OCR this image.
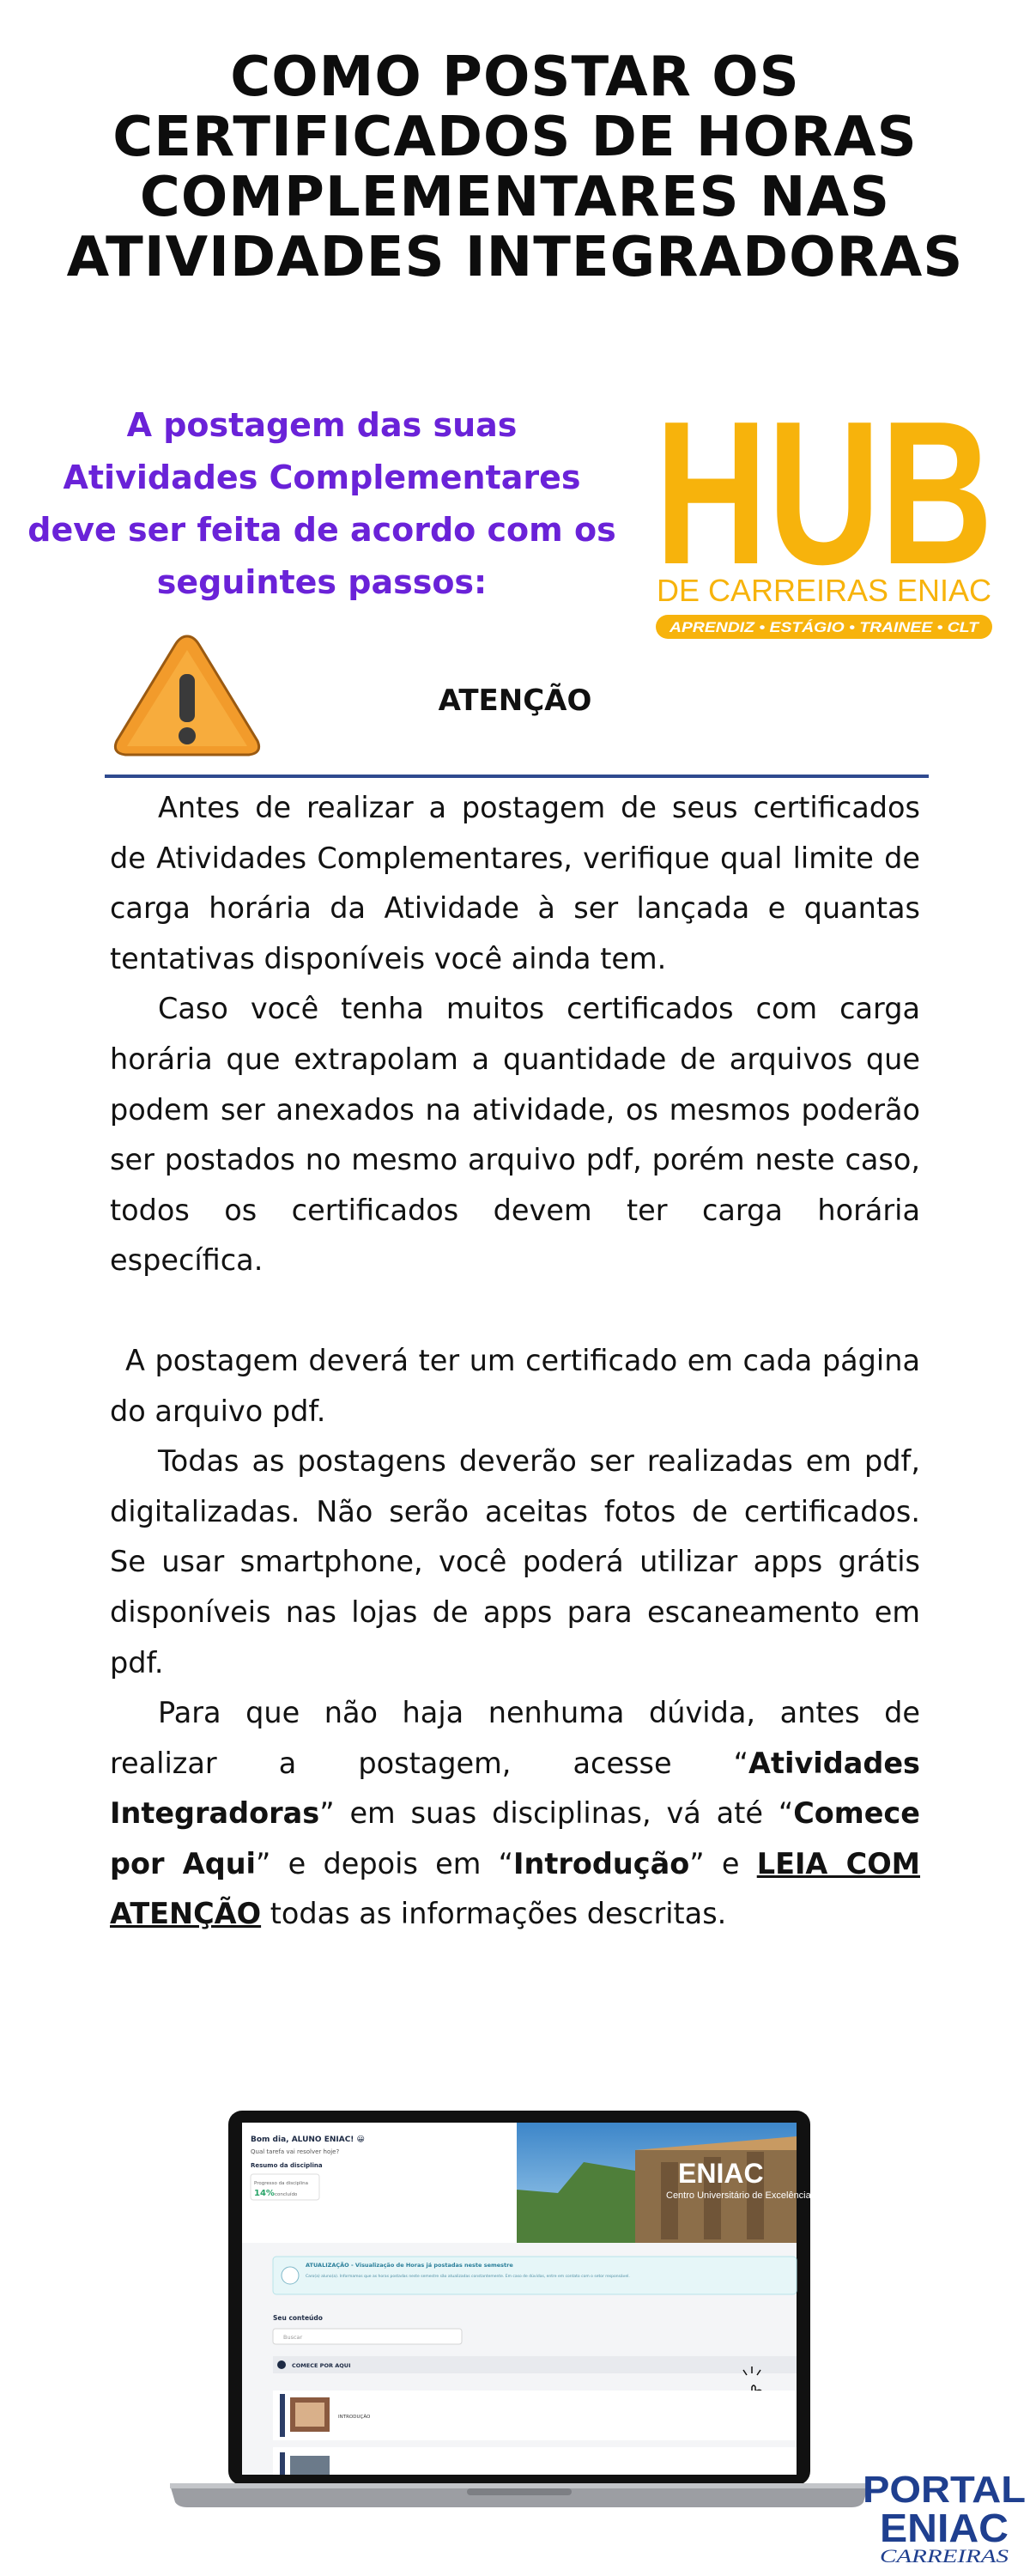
COMO POSTAR OS CERTIFICADOS DE HORAS COMPLEMENTARES NAS ATIVIDADES INTEGRADORAS
A postagem das suas Atividades Complementares deve ser feita de acordo com os seguintes passos: HUB
DE CARREIRAS ENIAC
APRENDIZ • ESTÁGIO • TRAINEE • CLT
ATENÇÃO

Antes de realizar a postagem de seus certificados de Atividades Complementares, verifique qual limite de carga horária da Atividade à ser lançada e quantas tentativas disponíveis você ainda tem.

Caso você tenha muitos certificados com carga horária que extrapolam a quantidade de arquivos que podem ser anexados na atividade, os mesmos poderão ser postados no mesmo arquivo pdf, porém neste caso, todos os certificados devem ter carga horária específica.

A postagem deverá ter um certificado em cada página do arquivo pdf.

Todas as postagens deverão ser realizadas em pdf, digitalizadas. Não serão aceitas fotos de certificados. Se usar smartphone, você poderá utilizar apps grátis disponíveis nas lojas de apps para escaneamento em pdf.

Para que não haja nenhuma dúvida, antes de realizar a postagem, acesse “Atividades Integradoras” em suas disciplinas, vá até “Comece por Aqui” e depois em “Introdução” e LEIA COM ATENÇÃO todas as informações descritas.

Bom dia, ALUNO ENIAC! 😀
Qual tarefa vai resolver hoje?
Resumo da disciplina
Progresso da disciplina
14% concluído
ENIAC
Centro Universitário de Excelência
ATUALIZAÇÃO - Visualização de Horas já postadas neste semestre
Caro(a) aluno(a). Informamos que as horas postadas neste semestre são atualizadas constantemente. Em caso de dúvidas, entre em contato com o setor responsável.
Seu conteúdo
Buscar
COMECE POR AQUI
INTRODUÇÃO
PORTAL
ENIAC
CARREIRAS
